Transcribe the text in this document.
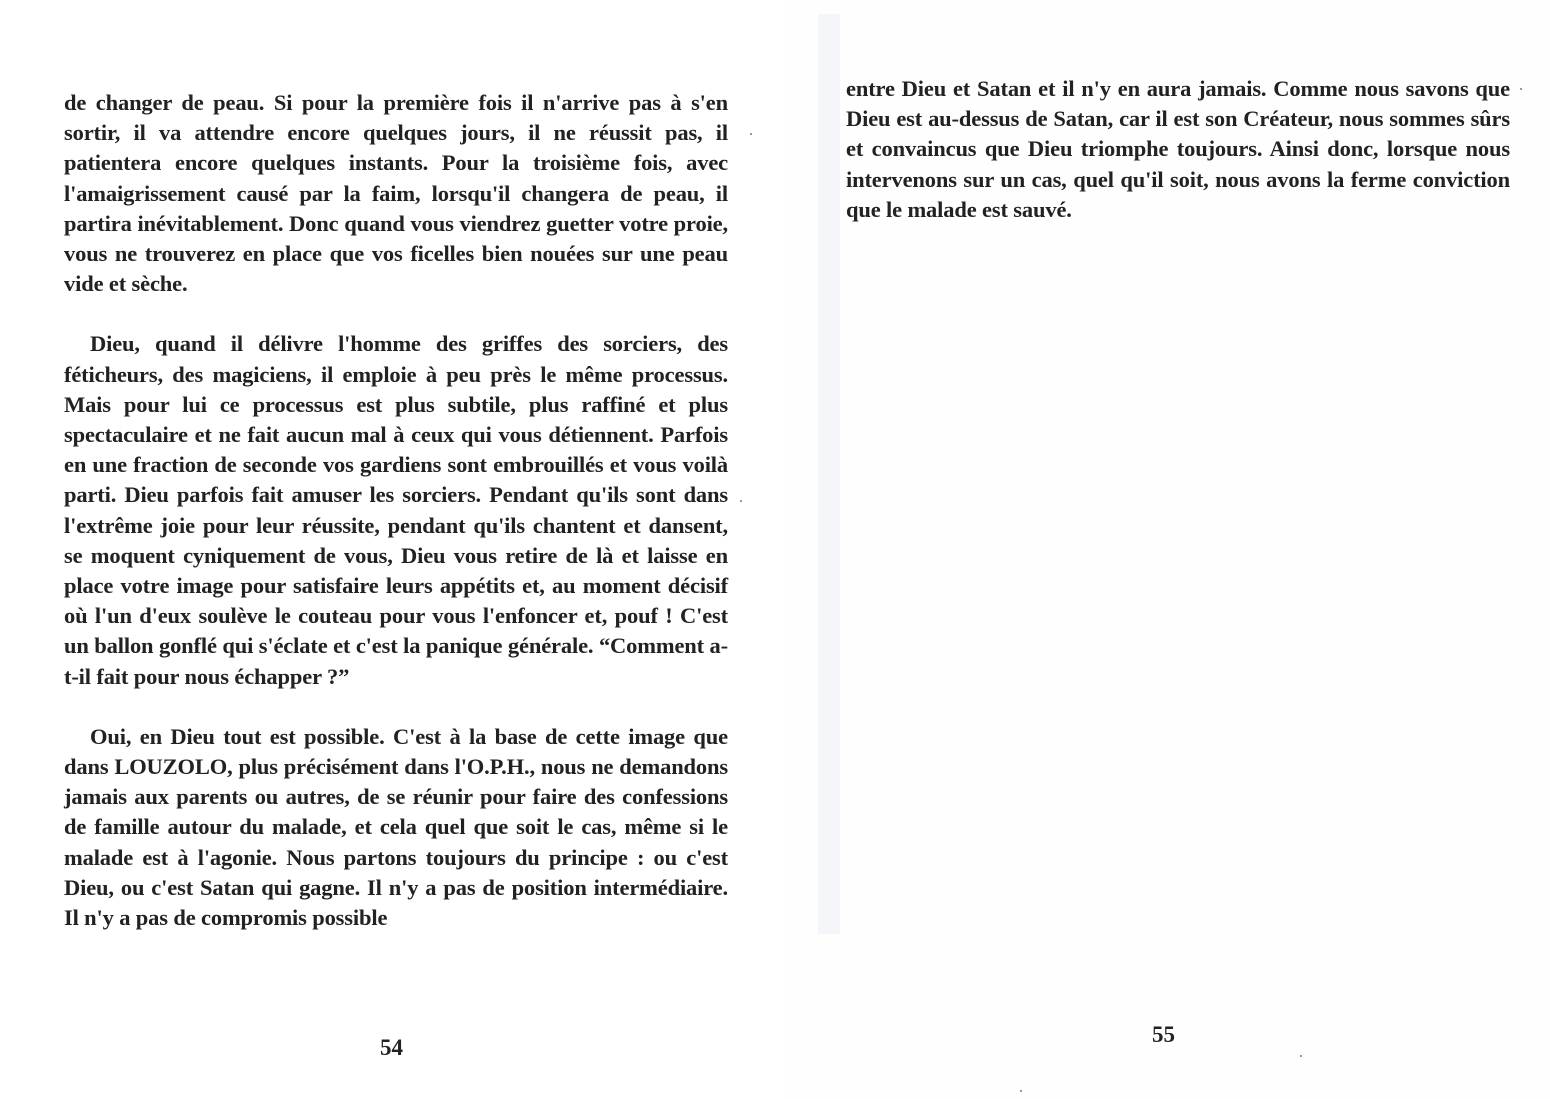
de changer de peau. Si pour la première fois il n'arrive pas à s'en sortir, il va attendre encore quelques jours, il ne réussit pas, il patientera encore quelques instants. Pour la troisième fois, avec l'amaigrissement causé par la faim, lorsqu'il changera de peau, il partira inévitablement. Donc quand vous viendrez guetter votre proie, vous ne trouverez en place que vos ficelles bien nouées sur une peau vide et sèche.

Dieu, quand il délivre l'homme des griffes des sorciers, des féticheurs, des magiciens, il emploie à peu près le même processus. Mais pour lui ce processus est plus subtile, plus raffiné et plus spectaculaire et ne fait aucun mal à ceux qui vous détiennent. Parfois en une fraction de seconde vos gardiens sont embrouillés et vous voilà parti. Dieu parfois fait amuser les sorciers. Pendant qu'ils sont dans l'extrême joie pour leur réussite, pendant qu'ils chantent et dansent, se moquent cyniquement de vous, Dieu vous retire de là et laisse en place votre image pour satisfaire leurs appétits et, au moment décisif où l'un d'eux soulève le couteau pour vous l'enfoncer et, pouf ! C'est un ballon gonflé qui s'éclate et c'est la panique générale. “Comment a-t-il fait pour nous échapper ?”

Oui, en Dieu tout est possible. C'est à la base de cette image que dans LOUZOLO, plus précisément dans l'O.P.H., nous ne demandons jamais aux parents ou autres, de se réunir pour faire des confessions de famille autour du malade, et cela quel que soit le cas, même si le malade est à l'agonie. Nous partons toujours du principe : ou c'est Dieu, ou c'est Satan qui gagne. Il n'y a pas de position intermédiaire. Il n'y a pas de compromis possible

54

entre Dieu et Satan et il n'y en aura jamais. Comme nous savons que Dieu est au-dessus de Satan, car il est son Créateur, nous sommes sûrs et convaincus que Dieu triomphe toujours. Ainsi donc, lorsque nous intervenons sur un cas, quel qu'il soit, nous avons la ferme conviction que le malade est sauvé.

55
